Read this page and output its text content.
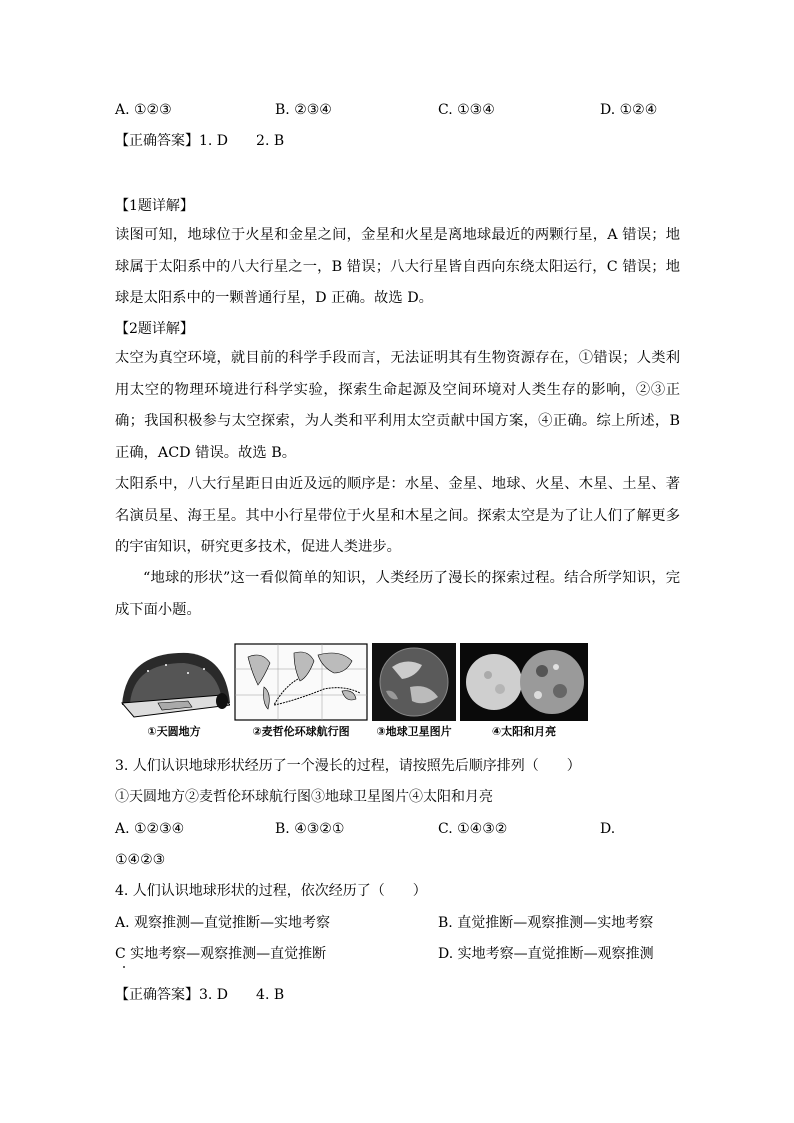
A. ①②③	B. ②③④	C. ①③④	D. ①②④
【正确答案】1. D 2. B
【1题详解】
读图可知，地球位于火星和金星之间，金星和火星是离地球最近的两颗行星，A 错误；地球属于太阳系中的八大行星之一，B 错误；八大行星皆自西向东绕太阳运行，C 错误；地球是太阳系中的一颗普通行星，D 正确。故选 D。
【2题详解】
太空为真空环境，就目前的科学手段而言，无法证明其有生物资源存在，①错误；人类利用太空的物理环境进行科学实验，探索生命起源及空间环境对人类生存的影响，②③正确；我国积极参与太空探索，为人类和平利用太空贡献中国方案，④正确。综上所述，B 正确，ACD 错误。故选 B。
太阳系中，八大行星距日由近及远的顺序是：水星、金星、地球、火星、木星、土星、著名演员星、海王星。其中小行星带位于火星和木星之间。探索太空是为了让人们了解更多的宇宙知识，研究更多技术，促进人类进步。
“地球的形状”这一看似简单的知识，人类经历了漫长的探索过程。结合所学知识，完成下面小题。
①天圆地方	②麦哲伦环球航行图	③地球卫星图片	④太阳和月亮
3. 人们认识地球形状经历了一个漫长的过程，请按照先后顺序排列（　　）
①天圆地方②麦哲伦环球航行图③地球卫星图片④太阳和月亮
A. ①②③④	B. ④③②①	C. ①④③②	D.
①④②③
4. 人们认识地球形状的过程，依次经历了（　　）
A. 观察推测—直觉推断—实地考察	B. 直觉推断—观察推测—实地考察
C 实地考察—观察推测—直觉推断	D. 实地考察—直觉推断—观察推测
【正确答案】3. D 4. B
